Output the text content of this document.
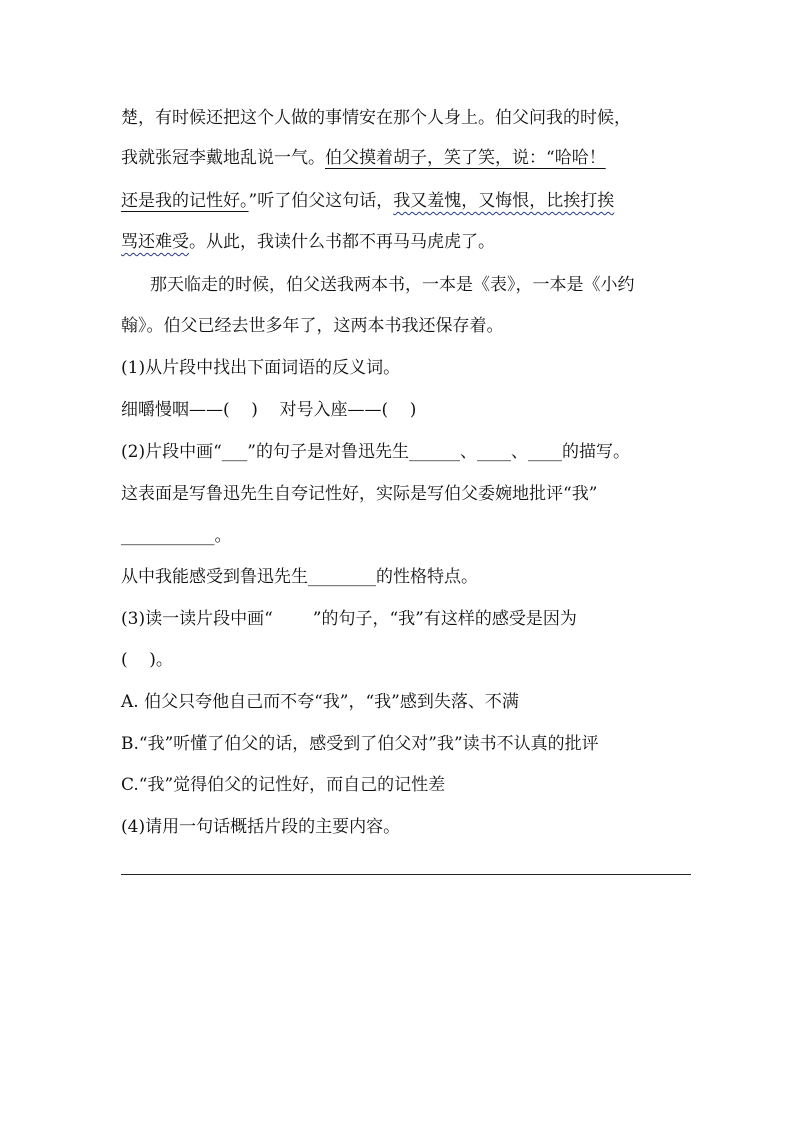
楚，有时候还把这个人做的事情安在那个人身上。伯父问我的时候，
我就张冠李戴地乱说一气。伯父摸着胡子，笑了笑，说：“哈哈！
还是我的记性好。”听了伯父这句话，我又羞愧，又悔恨，比挨打挨
骂还难受。从此，我读什么书都不再马马虎虎了。
那天临走的时候，伯父送我两本书，一本是《表》，一本是《小约
翰》。伯父已经去世多年了，这两本书我还保存着。
(1)从片段中找出下面词语的反义词。
细嚼慢咽——(    )    对号入座——(    )
(2)片段中画“___”的句子是对鲁迅先生______、____、____的描写。
这表面是写鲁迅先生自夸记性好，实际是写伯父委婉地批评“我”
___________。
从中我能感受到鲁迅先生________的性格特点。
(3)读一读片段中画“ ”的句子，“我”有这样的感受是因为
(    )。
A. 伯父只夸他自己而不夸“我”，“我”感到失落、不满
B.“我”听懂了伯父的话，感受到了伯父对”我”读书不认真的批评
C.“我”觉得伯父的记性好，而自己的记性差
(4)请用一句话概括片段的主要内容。
